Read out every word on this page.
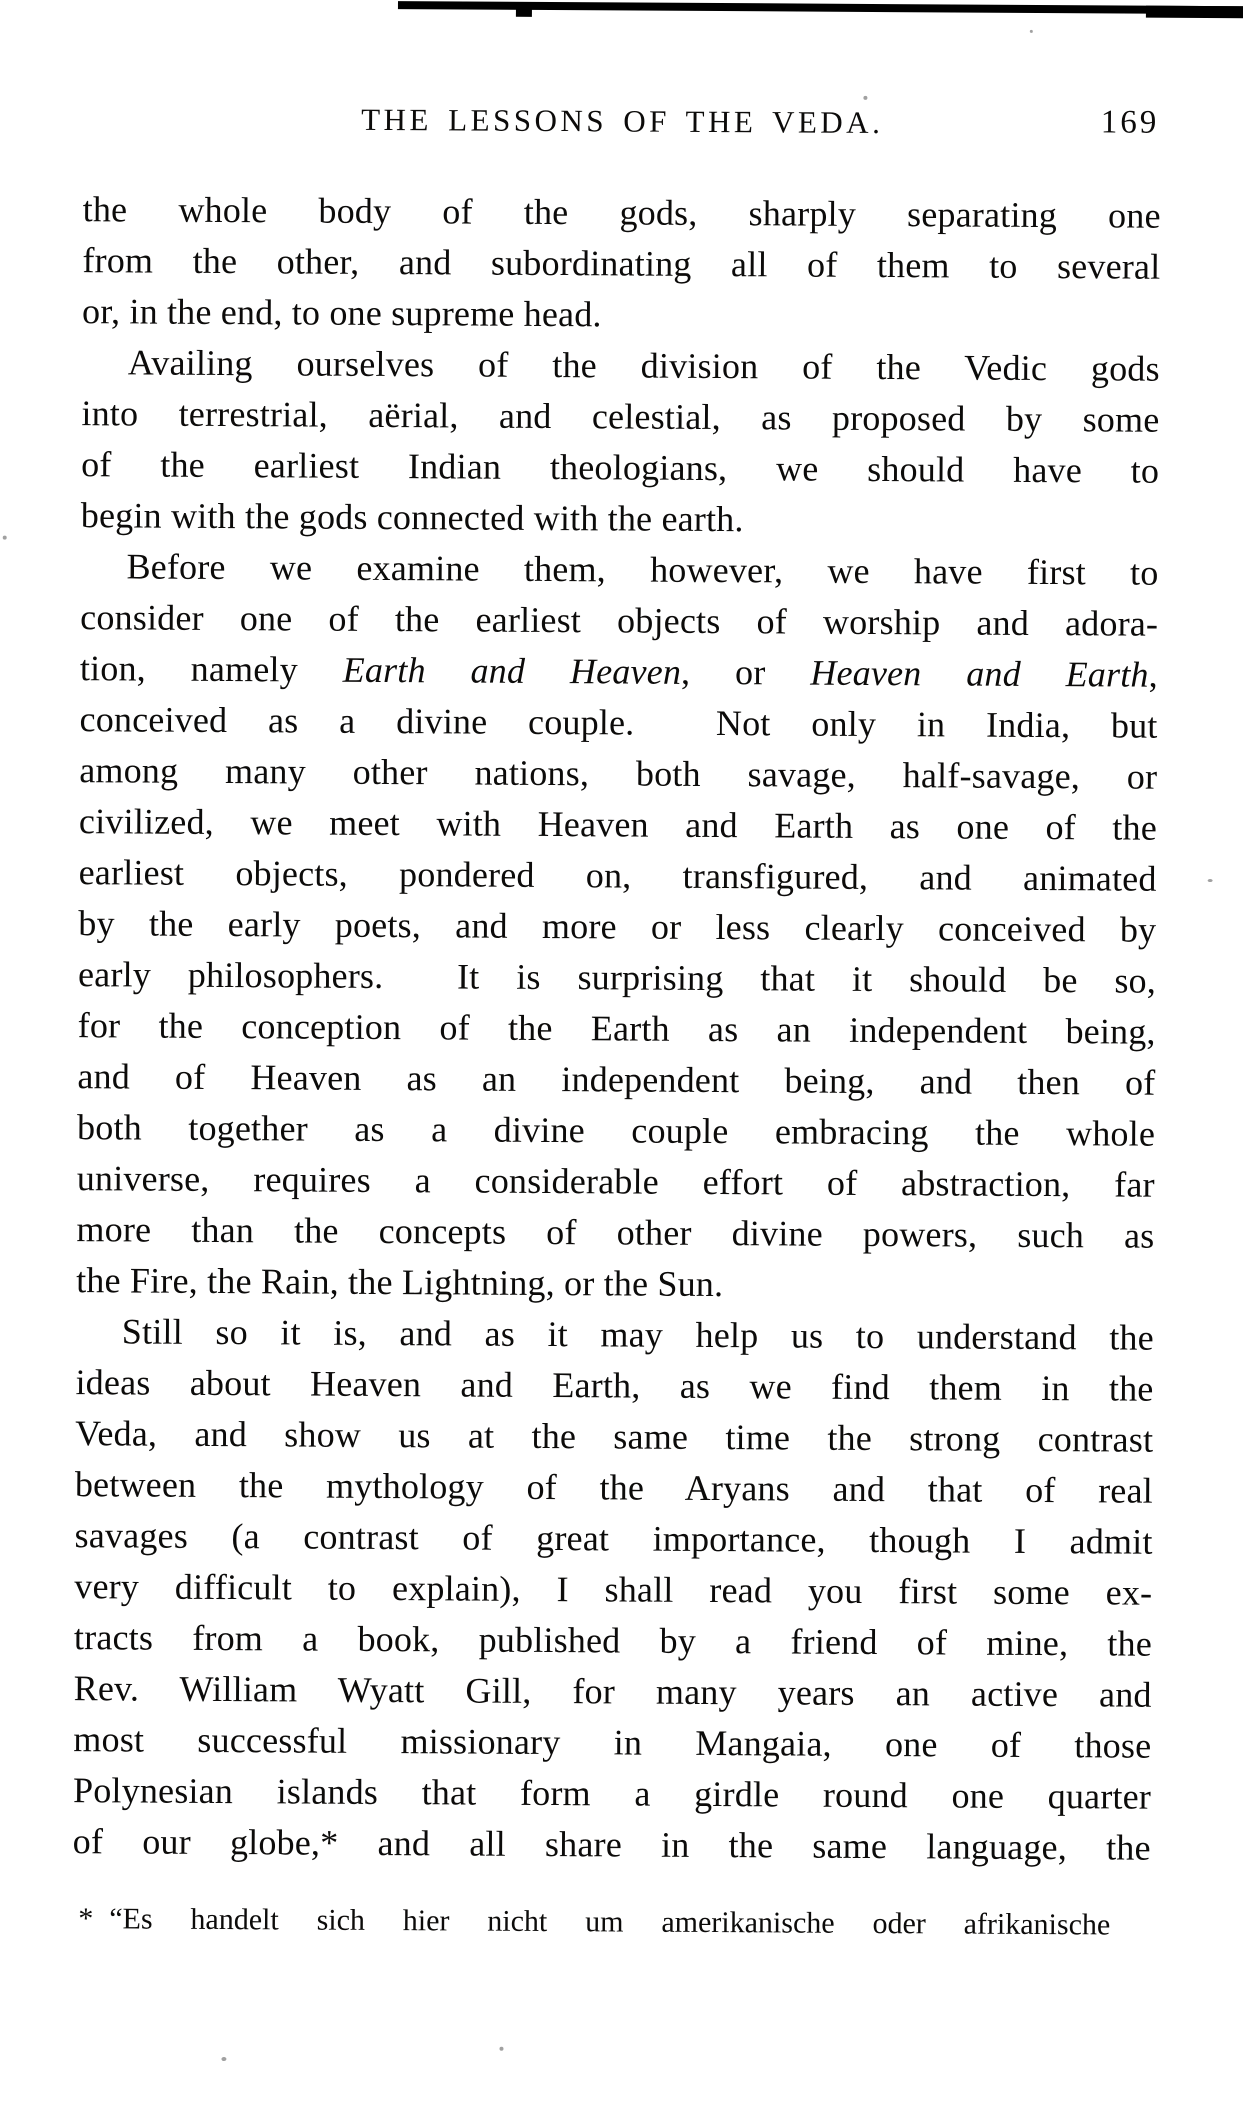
THE LESSONS OF THE VEDA.	169
the whole body of the gods, sharply separating one
from the other, and subordinating all of them to several
or, in the end, to one supreme head.
Availing ourselves of the division of the Vedic gods
into terrestrial, aërial, and celestial, as proposed by some
of the earliest Indian theologians, we should have to
begin with the gods connected with the earth.
Before we examine them, however, we have first to
consider one of the earliest objects of worship and adora-
tion, namely Earth and Heaven, or Heaven and Earth,
conceived as a divine couple.  Not only in India, but
among many other nations, both savage, half-savage, or
civilized, we meet with Heaven and Earth as one of the
earliest objects, pondered on, transfigured, and animated
by the early poets, and more or less clearly conceived by
early philosophers.  It is surprising that it should be so,
for the conception of the Earth as an independent being,
and of Heaven as an independent being, and then of
both together as a divine couple embracing the whole
universe, requires a considerable effort of abstraction, far
more than the concepts of other divine powers, such as
the Fire, the Rain, the Lightning, or the Sun.
Still so it is, and as it may help us to understand the
ideas about Heaven and Earth, as we find them in the
Veda, and show us at the same time the strong contrast
between the mythology of the Aryans and that of real
savages (a contrast of great importance, though I admit
very difficult to explain), I shall read you first some ex-
tracts from a book, published by a friend of mine, the
Rev. William Wyatt Gill, for many years an active and
most successful missionary in Mangaia, one of those
Polynesian islands that form a girdle round one quarter
of our globe,* and all share in the same language, the
* “Es handelt sich hier nicht um amerikanische oder afrikanische
